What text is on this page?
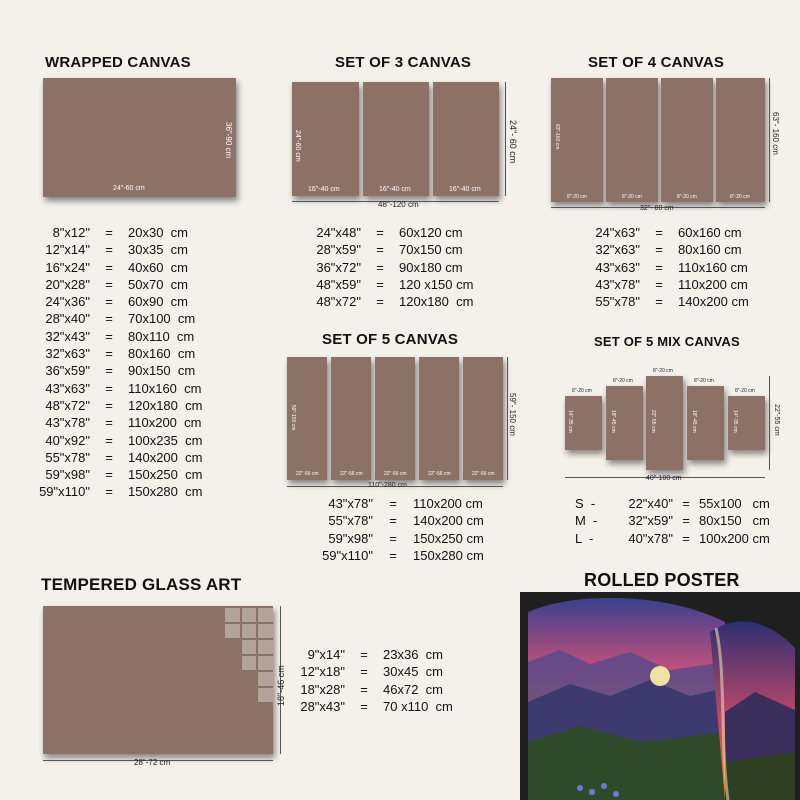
WRAPPED CANVAS
24"-60 cm
36"-90 cm
8"x12"	=	20x30  cm
12"x14"	=	30x35  cm
16"x24"	=	40x60  cm
20"x28"	=	50x70  cm
24"x36"	=	60x90  cm
28"x40"	=	70x100  cm
32"x43"	=	80x110  cm
32"x63"	=	80x160  cm
36"x59"	=	90x150  cm
43"x63"	=	110x160  cm
48"x72"	=	120x180  cm
43"x78"	=	110x200  cm
40"x92"	=	100x235  cm
55"x78"	=	140x200  cm
59"x98"	=	150x250  cm
59"x110"	=	150x280  cm
SET OF 3 CANVAS
24"-60 cm
16"-40 cm	16"-40 cm	16"-40 cm
24"- 60 cm
48"-120 cm
24"x48"	=	60x120 cm
28"x59"	=	70x150 cm
36"x72"	=	90x180 cm
48"x59"	=	120 x150 cm
48"x72"	=	120x180  cm
SET OF 4 CANVAS
63"-160 cm
8"-20 cm	8"-20 cm	8"-20 cm	8"-20 cm
63"- 160 cm
32"- 80 cm
24"x63"	=	60x160 cm
32"x63"	=	80x160 cm
43"x63"	=	110x160 cm
43"x78"	=	110x200 cm
55"x78"	=	140x200 cm
SET OF 5 CANVAS
59"-150 cm
22"-56 cm	22"-56 cm	22"-56 cm	22"-56 cm	22"-56 cm
59"- 150 cm
110"-280 cm
43"x78"	=	110x200 cm
55"x78"	=	140x200 cm
59"x98"	=	150x250 cm
59"x110"	=	150x280 cm
SET OF 5 MIX CANVAS
8"-20 cm
14"-35 cm
8"-20 cm
18"-45 cm
8"-20 cm
22"-55 cm
8"-20 cm
18"-45 cm
8"-20 cm
14"-35 cm	22"-55 cm
40"-100 cm
S  -	22"x40" = 55x100   cm
M  -	32"x59" = 80x150   cm
L  -	40"x78" = 100x200 cm
TEMPERED GLASS ART
18"-46 cm
28"-72 cm
9"x14"	=	23x36  cm
12"x18"	=	30x45  cm
18"x28"	=	46x72  cm
28"x43"	=	70 x110  cm
ROLLED POSTER
